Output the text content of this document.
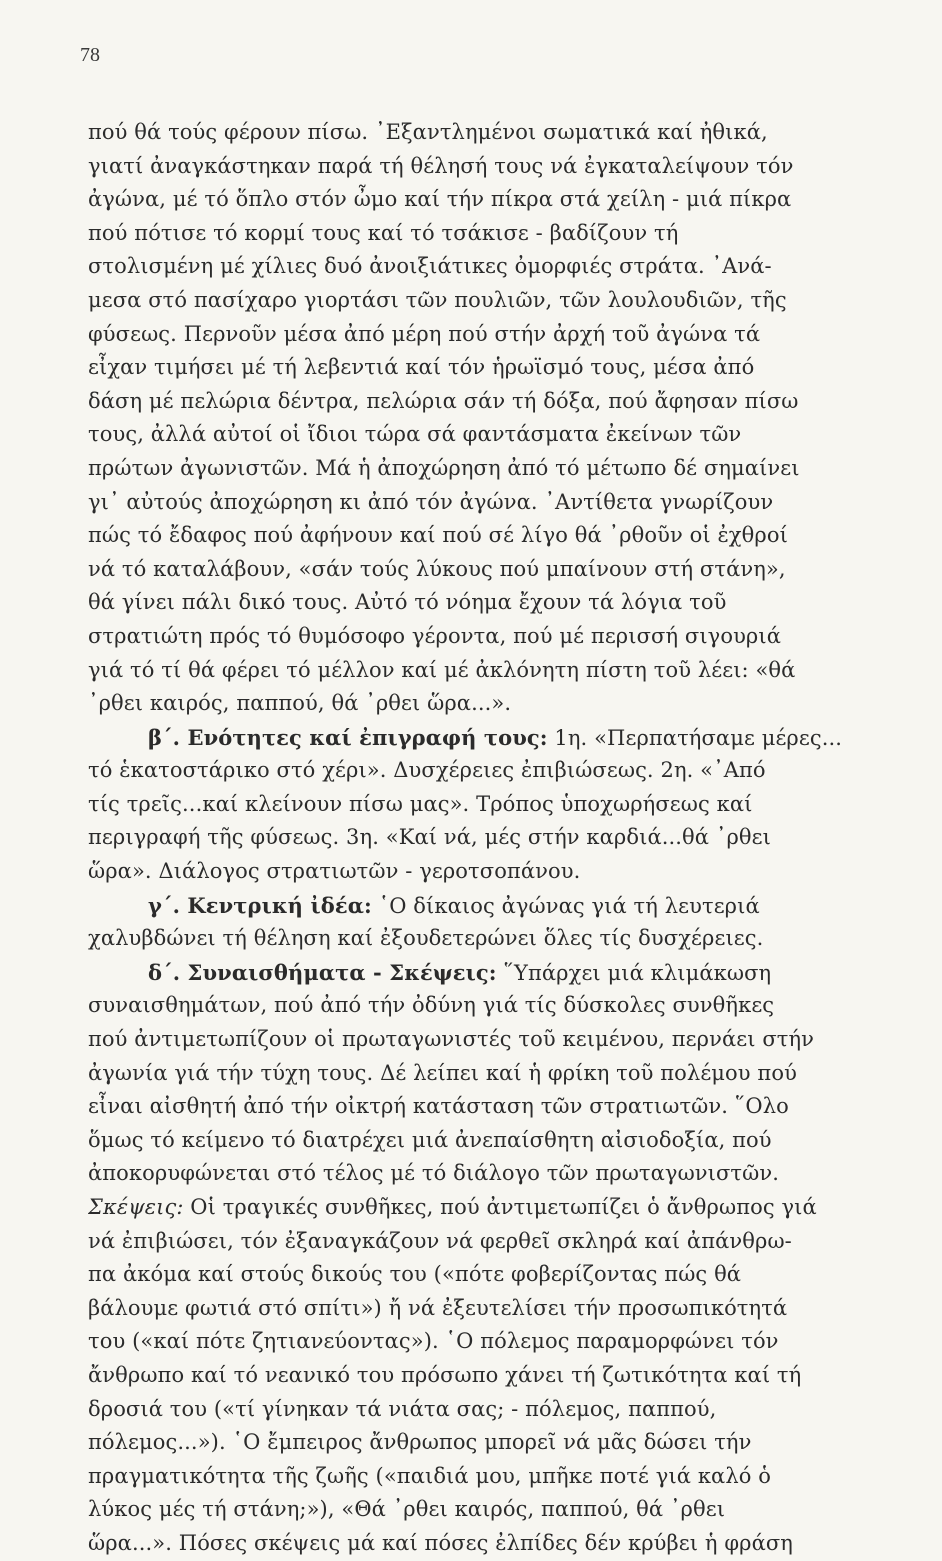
78
πού θά τούς φέρουν πίσω. ᾿Εξαντλημένοι σωματικά καί ἠθικά,
γιατί ἀναγκάστηκαν παρά τή θέλησή τους νά ἐγκαταλείψουν τόν
ἀγώνα, μέ τό ὅπλο στόν ὦμο καί τήν πίκρα στά χείλη - μιά πίκρα
πού πότισε τό κορμί τους καί τό τσάκισε - βαδίζουν τή
στολισμένη μέ χίλιες δυό ἀνοιξιάτικες ὀμορφιές στράτα. ᾿Ανά-
μεσα στό πασίχαρο γιορτάσι τῶν πουλιῶν, τῶν λουλουδιῶν, τῆς
φύσεως. Περνοῦν μέσα ἀπό μέρη πού στήν ἀρχή τοῦ ἀγώνα τά
εἶχαν τιμήσει μέ τή λεβεντιά καί τόν ἡρωϊσμό τους, μέσα ἀπό
δάση μέ πελώρια δέντρα, πελώρια σάν τή δόξα, πού ἄφησαν πίσω
τους, ἀλλά αὐτοί οἱ ἴδιοι τώρα σά φαντάσματα ἐκείνων τῶν
πρώτων ἀγωνιστῶν. Μά ἡ ἀποχώρηση ἀπό τό μέτωπο δέ σημαίνει
γι᾿ αὐτούς ἀποχώρηση κι ἀπό τόν ἀγώνα. ᾿Αντίθετα γνωρίζουν
πώς τό ἔδαφος πού ἀφήνουν καί πού σέ λίγο θά ᾿ρθοῦν οἱ ἐχθροί
νά τό καταλάβουν, «σάν τούς λύκους πού μπαίνουν στή στάνη»,
θά γίνει πάλι δικό τους. Αὐτό τό νόημα ἔχουν τά λόγια τοῦ
στρατιώτη πρός τό θυμόσοφο γέροντα, πού μέ περισσή σιγουριά
γιά τό τί θά φέρει τό μέλλον καί μέ ἀκλόνητη πίστη τοῦ λέει: «θά
᾿ρθει καιρός, παππού, θά ᾿ρθει ὥρα...».
β΄. Ενότητες καί ἐπιγραφή τους: 1η. «Περπατήσαμε μέρες...
τό ἑκατοστάρικο στό χέρι». Δυσχέρειες ἐπιβιώσεως. 2η. «᾿Από
τίς τρεῖς...καί κλείνουν πίσω μας». Τρόπος ὑποχωρήσεως καί
περιγραφή τῆς φύσεως. 3η. «Καί νά, μές στήν καρδιά...θά ᾿ρθει
ὥρα». Διάλογος στρατιωτῶν - γεροτσοπάνου.
γ΄. Κεντρική ἰδέα: ῾Ο δίκαιος ἀγώνας γιά τή λευτεριά
χαλυβδώνει τή θέληση καί ἐξουδετερώνει ὅλες τίς δυσχέρειες.
δ΄. Συναισθήματα - Σκέψεις: ῞Υπάρχει μιά κλιμάκωση
συναισθημάτων, πού ἀπό τήν ὀδύνη γιά τίς δύσκολες συνθῆκες
πού ἀντιμετωπίζουν οἱ πρωταγωνιστές τοῦ κειμένου, περνάει στήν
ἀγωνία γιά τήν τύχη τους. Δέ λείπει καί ἡ φρίκη τοῦ πολέμου πού
εἶναι αἰσθητή ἀπό τήν οἰκτρή κατάσταση τῶν στρατιωτῶν. ῞Ολο
ὅμως τό κείμενο τό διατρέχει μιά ἀνεπαίσθητη αἰσιοδοξία, πού
ἀποκορυφώνεται στό τέλος μέ τό διάλογο τῶν πρωταγωνιστῶν.
Σκέψεις: Οἱ τραγικές συνθῆκες, πού ἀντιμετωπίζει ὁ ἄνθρωπος γιά
νά ἐπιβιώσει, τόν ἐξαναγκάζουν νά φερθεῖ σκληρά καί ἀπάνθρω-
πα ἀκόμα καί στούς δικούς του («πότε φοβερίζοντας πώς θά
βάλουμε φωτιά στό σπίτι») ἤ νά ἐξευτελίσει τήν προσωπικότητά
του («καί πότε ζητιανεύοντας»). ῾Ο πόλεμος παραμορφώνει τόν
ἄνθρωπο καί τό νεανικό του πρόσωπο χάνει τή ζωτικότητα καί τή
δροσιά του («τί γίνηκαν τά νιάτα σας; - πόλεμος, παππού,
πόλεμος...»). ῾Ο ἔμπειρος ἄνθρωπος μπορεῖ νά μᾶς δώσει τήν
πραγματικότητα τῆς ζωῆς («παιδιά μου, μπῆκε ποτέ γιά καλό ὁ
λύκος μές τή στάνη;»), «Θά ᾿ρθει καιρός, παππού, θά ᾿ρθει
ὥρα...». Πόσες σκέψεις μά καί πόσες ἐλπίδες δέν κρύβει ἡ φράση
